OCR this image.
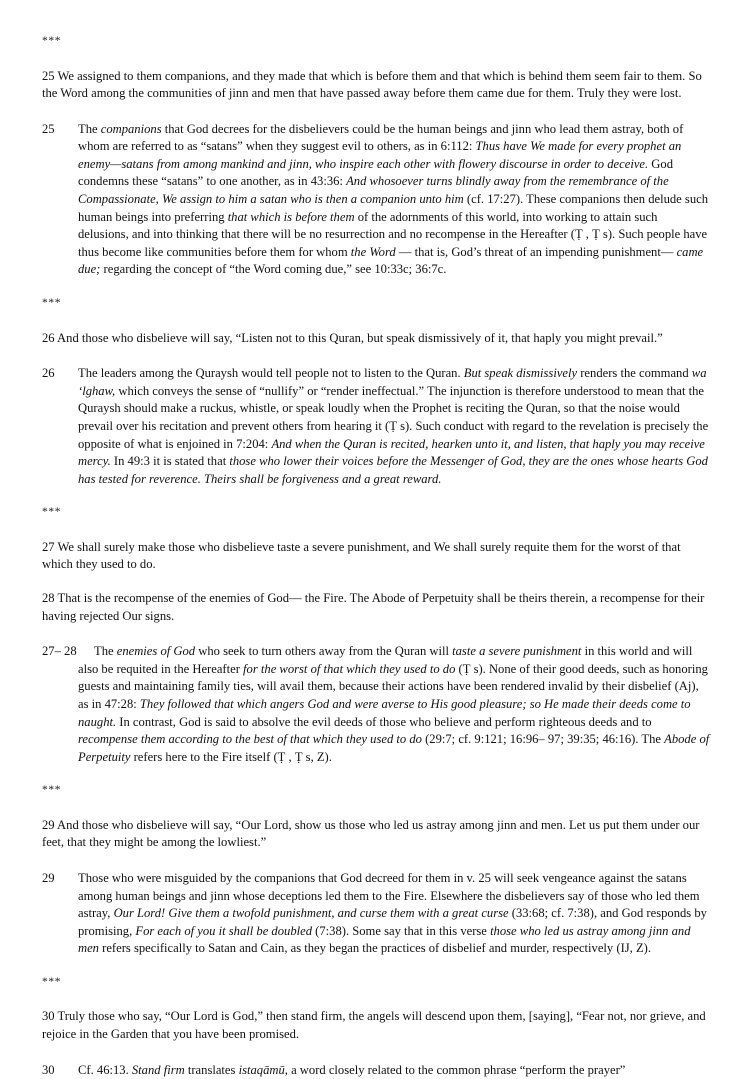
***

25 We assigned to them companions, and they made that which is before them and that which is behind them seem fair to them. So the Word among the communities of jinn and men that have passed away before them came due for them. Truly they were lost.

25 The companions that God decrees for the disbelievers could be the human beings and jinn who lead them astray, both of whom are referred to as “satans” when they suggest evil to others, as in 6:112: Thus have We made for every prophet an enemy—satans from among mankind and jinn, who inspire each other with flowery discourse in order to deceive. God condemns these “satans” to one another, as in 43:36: And whosoever turns blindly away from the remembrance of the Compassionate, We assign to him a satan who is then a companion unto him (cf. 17:27). These companions then delude such human beings into preferring that which is before them of the adornments of this world, into working to attain such delusions, and into thinking that there will be no resurrection and no recompense in the Hereafter (Ṭ , Ṭ s). Such people have thus become like communities before them for whom the Word — that is, God’s threat of an impending punishment— came due; regarding the concept of “the Word coming due,” see 10:33c; 36:7c.

***

26 And those who disbelieve will say, “Listen not to this Quran, but speak dismissively of it, that haply you might prevail.”

26 The leaders among the Quraysh would tell people not to listen to the Quran. But speak dismissively renders the command wa ʻlghaw, which conveys the sense of “nullify” or “render ineffectual.” The injunction is therefore understood to mean that the Quraysh should make a ruckus, whistle, or speak loudly when the Prophet is reciting the Quran, so that the noise would prevail over his recitation and prevent others from hearing it (Ṭ s). Such conduct with regard to the revelation is precisely the opposite of what is enjoined in 7:204: And when the Quran is recited, hearken unto it, and listen, that haply you may receive mercy. In 49:3 it is stated that those who lower their voices before the Messenger of God, they are the ones whose hearts God has tested for reverence. Theirs shall be forgiveness and a great reward.

***

27 We shall surely make those who disbelieve taste a severe punishment, and We shall surely requite them for the worst of that which they used to do.

28 That is the recompense of the enemies of God— the Fire. The Abode of Perpetuity shall be theirs therein, a recompense for their having rejected Our signs.

27– 28 The enemies of God who seek to turn others away from the Quran will taste a severe punishment in this world and will also be requited in the Hereafter for the worst of that which they used to do (Ṭ s). None of their good deeds, such as honoring guests and maintaining family ties, will avail them, because their actions have been rendered invalid by their disbelief (Aj), as in 47:28: They followed that which angers God and were averse to His good pleasure; so He made their deeds come to naught. In contrast, God is said to absolve the evil deeds of those who believe and perform righteous deeds and to recompense them according to the best of that which they used to do (29:7; cf. 9:121; 16:96– 97; 39:35; 46:16). The Abode of Perpetuity refers here to the Fire itself (Ṭ , Ṭ s, Z).

***

29 And those who disbelieve will say, “Our Lord, show us those who led us astray among jinn and men. Let us put them under our feet, that they might be among the lowliest.”

29 Those who were misguided by the companions that God decreed for them in v. 25 will seek vengeance against the satans among human beings and jinn whose deceptions led them to the Fire. Elsewhere the disbelievers say of those who led them astray, Our Lord! Give them a twofold punishment, and curse them with a great curse (33:68; cf. 7:38), and God responds by promising, For each of you it shall be doubled (7:38). Some say that in this verse those who led us astray among jinn and men refers specifically to Satan and Cain, as they began the practices of disbelief and murder, respectively (IJ, Z).

***

30 Truly those who say, “Our Lord is God,” then stand firm, the angels will descend upon them, [saying], “Fear not, nor grieve, and rejoice in the Garden that you have been promised.

30 Cf. 46:13. Stand firm translates istaqāmū, a word closely related to the common phrase “perform the prayer”
